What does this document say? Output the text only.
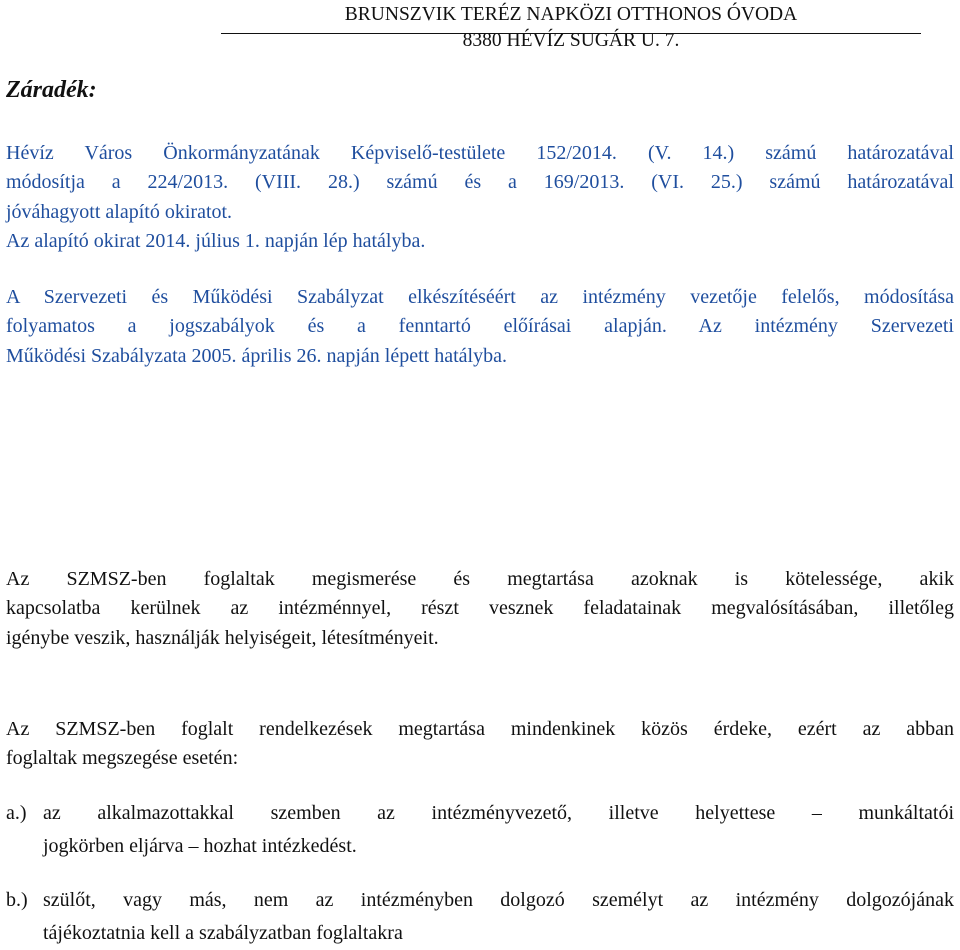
BRUNSZVIK TERÉZ NAPKÖZI OTTHONOS ÓVODA
8380 HÉVÍZ SUGÁR U. 7.
Záradék:
Hévíz Város Önkormányzatának Képviselő-testülete 152/2014. (V. 14.) számú határozatával
módosítja a 224/2013. (VIII. 28.) számú és a 169/2013. (VI. 25.) számú határozatával
jóváhagyott alapító okiratot.
Az alapító okirat 2014. július 1. napján lép hatályba.
A Szervezeti és Működési Szabályzat elkészítéséért az intézmény vezetője felelős, módosítása
folyamatos a jogszabályok és a fenntartó előírásai alapján. Az intézmény Szervezeti
Működési Szabályzata 2005. április 26. napján lépett hatályba.
Az SZMSZ-ben foglaltak megismerése és megtartása azoknak is kötelessége, akik
kapcsolatba kerülnek az intézménnyel, részt vesznek feladatainak megvalósításában, illetőleg
igénybe veszik, használják helyiségeit, létesítményeit.
Az SZMSZ-ben foglalt rendelkezések megtartása mindenkinek közös érdeke, ezért az abban
foglaltak megszegése esetén:
a.) az alkalmazottakkal szemben az intézményvezető, illetve helyettese – munkáltatói
jogkörben eljárva – hozhat intézkedést.
b.) szülőt, vagy más, nem az intézményben dolgozó személyt az intézmény dolgozójának
tájékoztatnia kell a szabályzatban foglaltakra
